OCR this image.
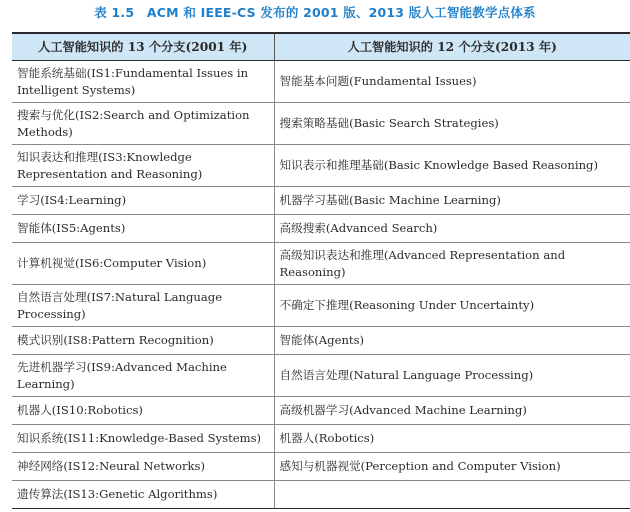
表 1.5　ACM 和 IEEE-CS 发布的 2001 版、2013 版人工智能教学点体系
人工智能知识的 13 个分支(2001 年)	人工智能知识的 12 个分支(2013 年)
智能系统基础(IS1:Fundamental Issues in Intelligent Systems)	智能基本问题(Fundamental Issues)
搜索与优化(IS2:Search and Optimization Methods)	搜索策略基础(Basic Search Strategies)
知识表达和推理(IS3:Knowledge Representation and Reasoning)	知识表示和推理基础(Basic Knowledge Based Reasoning)
学习(IS4:Learning)	机器学习基础(Basic Machine Learning)
智能体(IS5:Agents)	高级搜索(Advanced Search)
计算机视觉(IS6:Computer Vision)	高级知识表达和推理(Advanced Representation and Reasoning)
自然语言处理(IS7:Natural Language Processing)	不确定下推理(Reasoning Under Uncertainty)
模式识别(IS8:Pattern Recognition)	智能体(Agents)
先进机器学习(IS9:Advanced Machine Learning)	自然语言处理(Natural Language Processing)
机器人(IS10:Robotics)	高级机器学习(Advanced Machine Learning)
知识系统(IS11:Knowledge-Based Systems)	机器人(Robotics)
神经网络(IS12:Neural Networks)	感知与机器视觉(Perception and Computer Vision)
遗传算法(IS13:Genetic Algorithms)	
